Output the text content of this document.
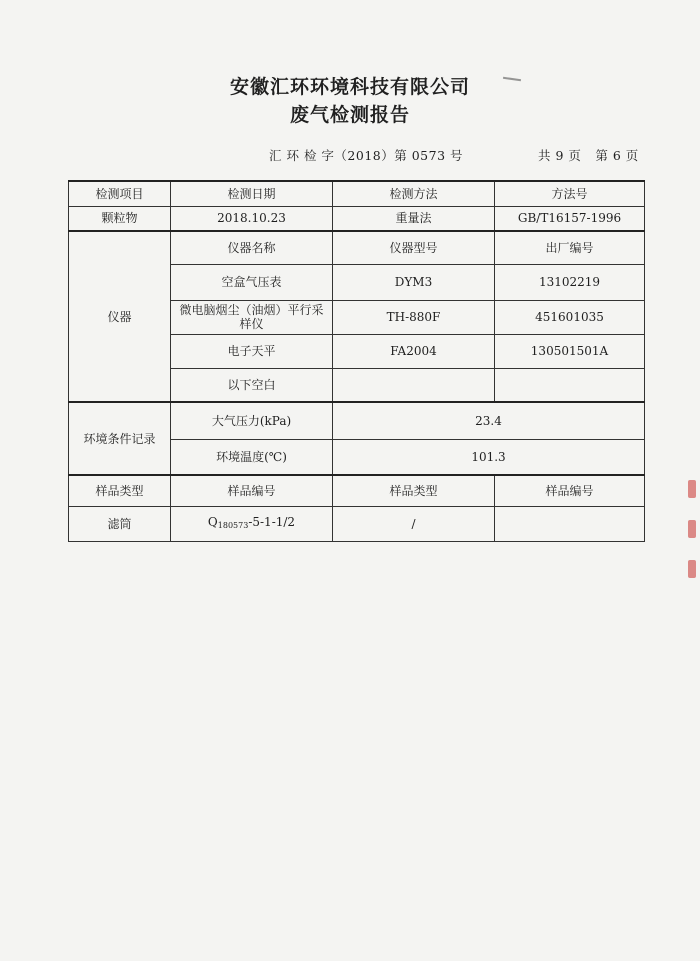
安徽汇环环境科技有限公司
废气检测报告
汇 环 检 字（2018）第 0573 号	共 9 页 第 6 页
检测项目	检测日期	检测方法	方法号
颗粒物	2018.10.23	重量法	GB/T16157-1996
仪器	仪器名称	仪器型号	出厂编号
	空盒气压表	DYM3	13102219
	微电脑烟尘（油烟）平行采样仪	TH-880F	451601035
	电子天平	FA2004	130501501A
	以下空白		
环境条件记录	大气压力(kPa)	23.4	
	环境温度(℃)	101.3	
样品类型	样品编号	样品类型	样品编号
滤筒	$Q_{180573}-5-1-1/2$	/	
